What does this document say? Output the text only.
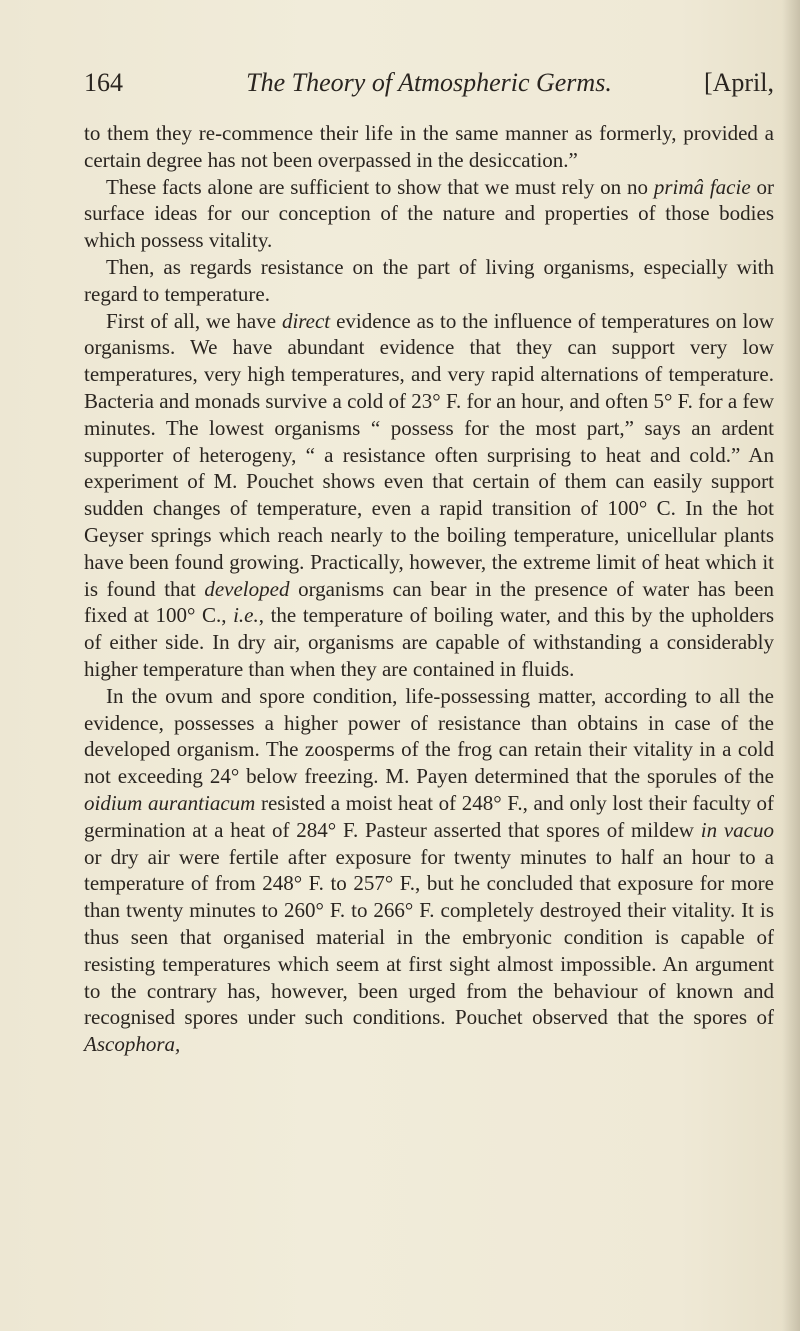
164	The Theory of Atmospheric Germs.	[April,

to them they re-commence their life in the same manner as formerly, provided a certain degree has not been overpassed in the desiccation.”

These facts alone are sufficient to show that we must rely on no primâ facie or surface ideas for our conception of the nature and properties of those bodies which possess vitality.

Then, as regards resistance on the part of living organisms, especially with regard to temperature.

First of all, we have direct evidence as to the influence of temperatures on low organisms. We have abundant evidence that they can support very low temperatures, very high temperatures, and very rapid alternations of temperature. Bacteria and monads survive a cold of 23° F. for an hour, and often 5° F. for a few minutes. The lowest organisms “ possess for the most part,” says an ardent supporter of heterogeny, “ a resistance often surprising to heat and cold.” An experiment of M. Pouchet shows even that certain of them can easily support sudden changes of temperature, even a rapid transition of 100° C. In the hot Geyser springs which reach nearly to the boiling temperature, unicellular plants have been found growing. Practically, however, the extreme limit of heat which it is found that developed organisms can bear in the presence of water has been fixed at 100° C., i.e., the temperature of boiling water, and this by the upholders of either side. In dry air, organisms are capable of withstanding a considerably higher temperature than when they are contained in fluids.

In the ovum and spore condition, life-possessing matter, according to all the evidence, possesses a higher power of resistance than obtains in case of the developed organism. The zoosperms of the frog can retain their vitality in a cold not exceeding 24° below freezing. M. Payen determined that the sporules of the oidium aurantiacum resisted a moist heat of 248° F., and only lost their faculty of germination at a heat of 284° F. Pasteur asserted that spores of mildew in vacuo or dry air were fertile after exposure for twenty minutes to half an hour to a temperature of from 248° F. to 257° F., but he concluded that exposure for more than twenty minutes to 260° F. to 266° F. completely destroyed their vitality. It is thus seen that organised material in the embryonic condition is capable of resisting temperatures which seem at first sight almost impossible. An argument to the contrary has, however, been urged from the behaviour of known and recognised spores under such conditions. Pouchet observed that the spores of Ascophora,
